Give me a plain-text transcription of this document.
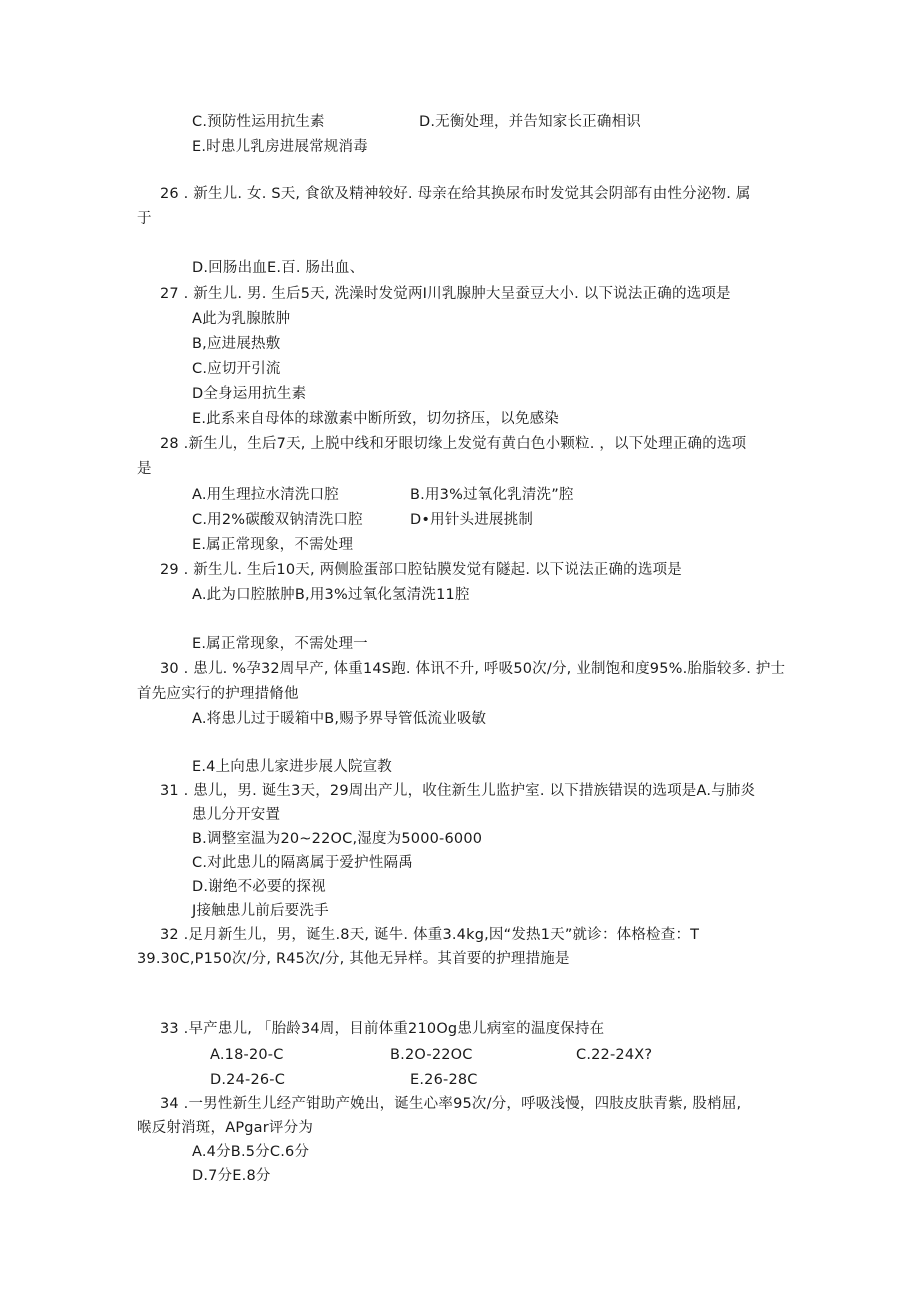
C.预防性运用抗生素	D.无衡处理，并告知家长正确相识
E.时患儿乳房进展常规消毒
26 . 新生儿. 女. S天, 食欲及精神较好. 母亲在给其换尿布时发觉其会阴部有由性分泌物. 属
于
D.回肠出血E.百. 肠出血、
27 . 新生儿. 男. 生后5天, 洗澡时发觉两I川乳腺肿大呈蚕豆大小. 以下说法正确的选项是
A此为乳腺脓肿
B,应进展热敷
C.应切开引流
D全身运用抗生素
E.此系来自母体的球激素中断所致，切勿挤压，以免感染
28 .新生儿，生后7天, 上脱中线和牙眼切缘上发觉有黄白色小颗粒. ，以下处理正确的选项
是
A.用生理拉水清洗口腔	B.用3%过氧化乳清洗”腔
C.用2%碳酸双钠清洗口腔	D•用针头进展挑制
E.属正常现象，不需处理
29 . 新生儿. 生后10天, 两侧脸蛋部口腔钻膜发觉有隧起. 以下说法正确的选项是
A.此为口腔脓肿B,用3%过氧化氢清洗11腔
E.属正常现象，不需处理一
30 . 患儿. %孕32周早产, 体重14S跑. 体讯不升, 呼吸50次/分, 业制饱和度95%.胎脂较多. 护士
首先应实行的护理措脩他
A.将患儿过于暖箱中B,赐予界导管低流业吸敏
E.4上向患儿家进步展人院宣教
31 . 患儿，男. 诞生3天，29周出产儿，收住新生儿监护室. 以下措族错误的选项是A.与肺炎
患儿分开安置
B.调整室温为20~22OC,湿度为5000-6000
C.对此患儿的隔离属于爱护性隔禹
D.谢绝不必要的探视
J接触患儿前后要洗手
32 .足月新生儿，男，诞生.8天, 诞牛. 体重3.4kg,因“发热1天”就诊：体格检查：T
39.30C,P150次/分, R45次/分, 其他无异样。其首要的护理措施是
33 .早产患儿, 「胎龄34周，目前体重210Og患儿病室的温度保持在
A.18-20-C	B.2O-22OC	C.22-24X?
D.24-26-C	E.26-28C
34 .一男性新生儿经产钳助产娩出，诞生心率95次/分，呼吸浅慢，四肢皮肤青紫, 股梢屈,
喉反射消斑，APgar评分为
A.4分B.5分C.6分
D.7分E.8分
